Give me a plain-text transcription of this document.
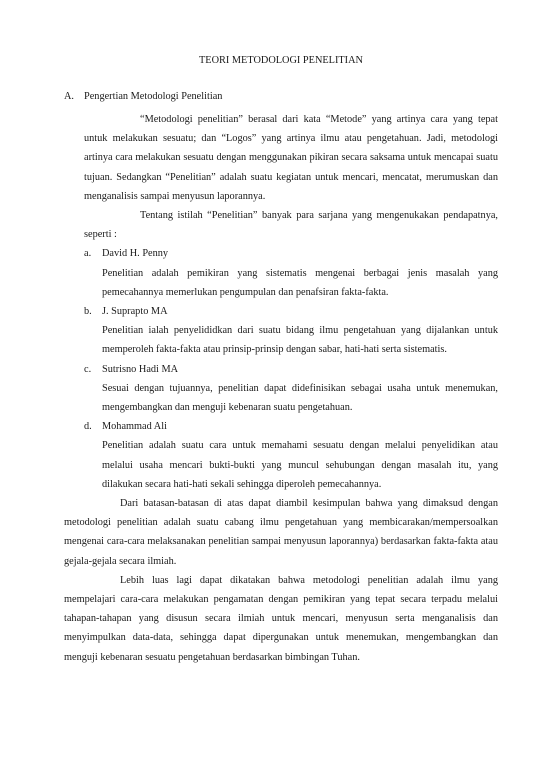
TEORI METODOLOGI PENELITIAN
A. Pengertian Metodologi Penelitian

“Metodologi penelitian” berasal dari kata “Metode” yang artinya cara yang tepat untuk melakukan sesuatu; dan “Logos” yang artinya ilmu atau pengetahuan. Jadi, metodologi artinya cara melakukan sesuatu dengan menggunakan pikiran secara saksama untuk mencapai suatu tujuan. Sedangkan “Penelitian” adalah suatu kegiatan untuk mencari, mencatat, merumuskan dan menganalisis sampai menyusun laporannya.

Tentang istilah “Penelitian” banyak para sarjana yang mengenukakan pendapatnya, seperti :

a.	David H. Penny
Penelitian adalah pemikiran yang sistematis mengenai berbagai jenis masalah yang pemecahannya memerlukan pengumpulan dan penafsiran fakta-fakta.
b. J. Suprapto MA
Penelitian ialah penyelididkan dari suatu bidang ilmu pengetahuan yang dijalankan untuk memperoleh fakta-fakta atau prinsip-prinsip dengan sabar, hati-hati serta sistematis.
c.	Sutrisno Hadi MA
Sesuai dengan tujuannya, penelitian dapat didefinisikan sebagai usaha untuk menemukan, mengembangkan dan menguji kebenaran suatu pengetahuan.
d. Mohammad Ali
Penelitian adalah suatu cara untuk memahami sesuatu dengan melalui penyelidikan atau melalui usaha mencari bukti-bukti yang muncul sehubungan dengan masalah itu, yang dilakukan secara hati-hati sekali sehingga diperoleh pemecahannya.

Dari batasan-batasan di atas dapat diambil kesimpulan bahwa yang dimaksud dengan metodologi penelitian adalah suatu cabang ilmu pengetahuan yang membicarakan/mempersoalkan mengenai cara-cara melaksanakan penelitian sampai menyusun laporannya) berdasarkan fakta-fakta atau gejala-gejala secara ilmiah.

Lebih luas lagi dapat dikatakan bahwa metodologi penelitian adalah ilmu yang mempelajari cara-cara melakukan pengamatan dengan pemikiran yang tepat secara terpadu melalui tahapan-tahapan yang disusun secara ilmiah untuk mencari, menyusun serta menganalisis dan menyimpulkan data-data, sehingga dapat dipergunakan untuk menemukan, mengembangkan dan menguji kebenaran sesuatu pengetahuan berdasarkan bimbingan Tuhan.
